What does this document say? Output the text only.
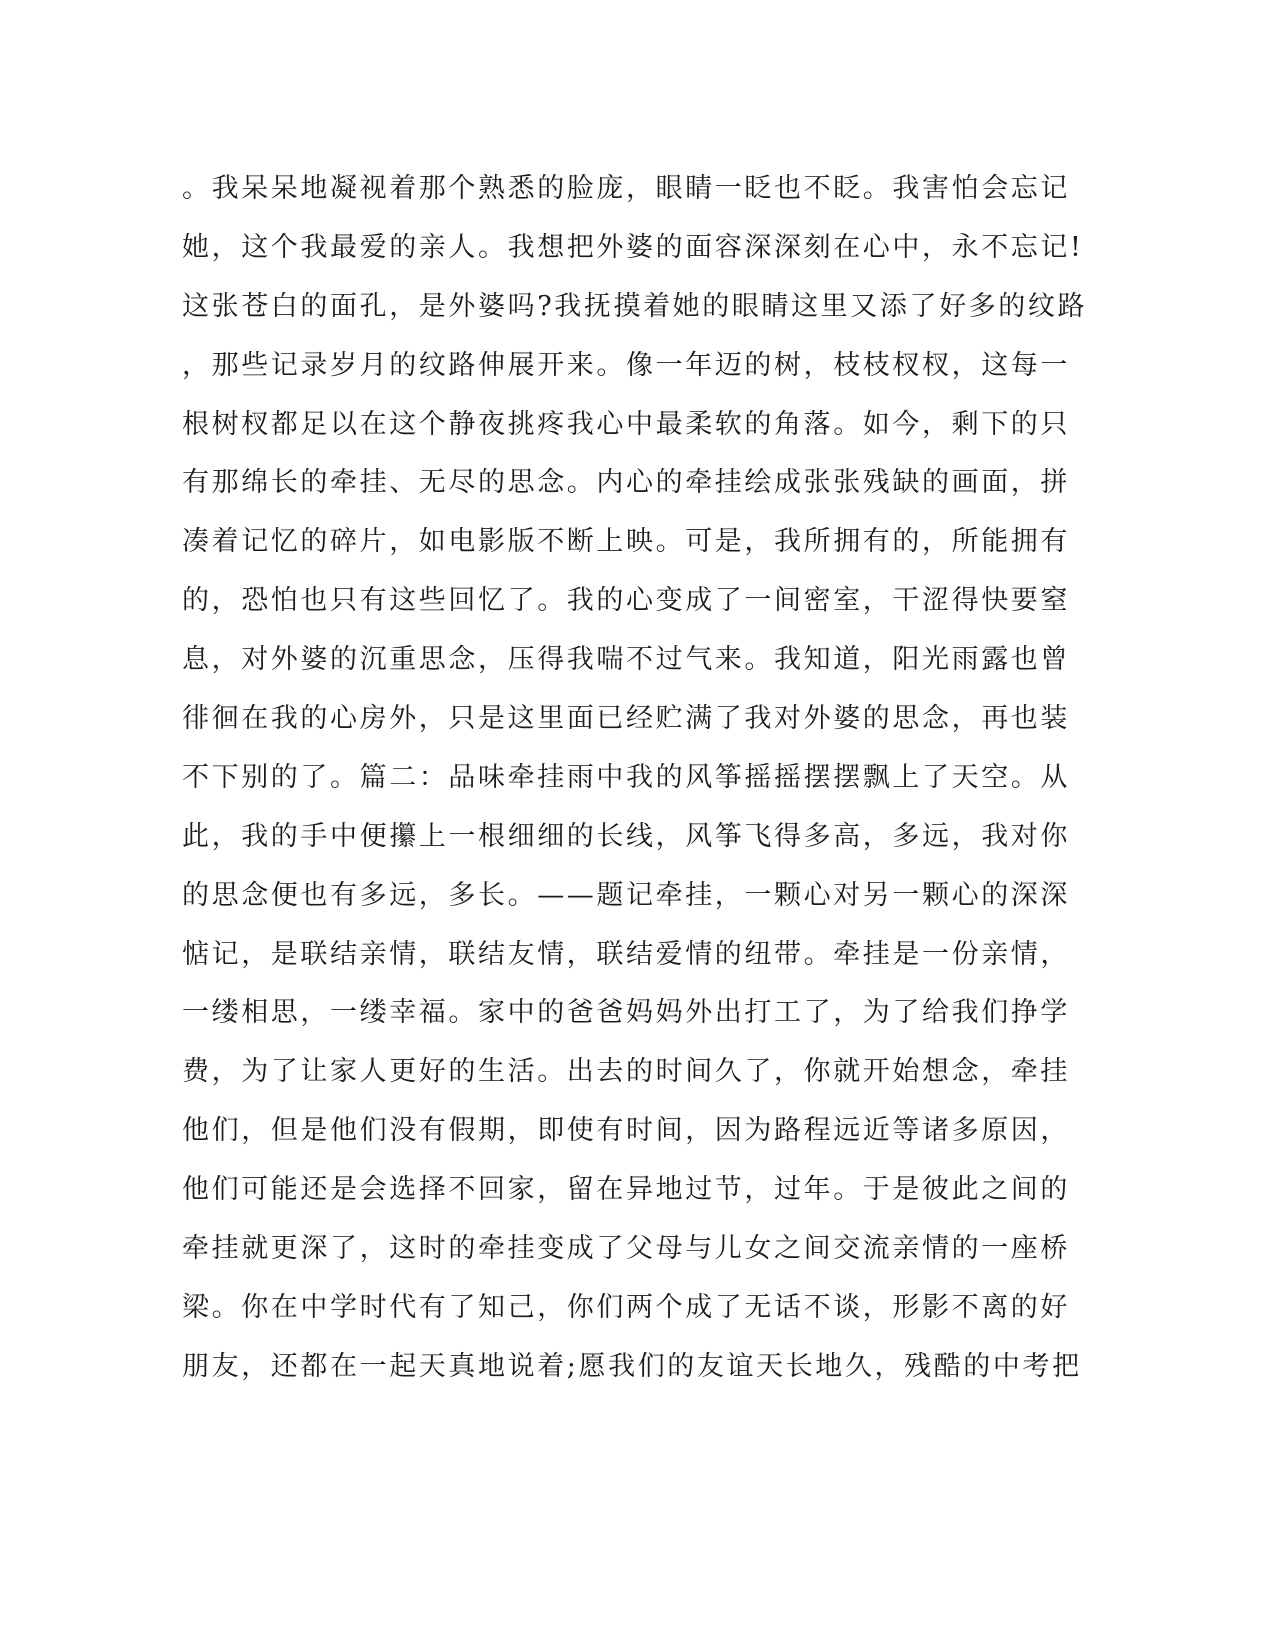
。我呆呆地凝视着那个熟悉的脸庞，眼睛一眨也不眨。我害怕会忘记
她，这个我最爱的亲人。我想把外婆的面容深深刻在心中，永不忘记!
这张苍白的面孔，是外婆吗?我抚摸着她的眼睛这里又添了好多的纹路
，那些记录岁月的纹路伸展开来。像一年迈的树，枝枝杈杈，这每一
根树杈都足以在这个静夜挑疼我心中最柔软的角落。如今，剩下的只
有那绵长的牵挂、无尽的思念。内心的牵挂绘成张张残缺的画面，拼
凑着记忆的碎片，如电影版不断上映。可是，我所拥有的，所能拥有
的，恐怕也只有这些回忆了。我的心变成了一间密室，干涩得快要窒
息，对外婆的沉重思念，压得我喘不过气来。我知道，阳光雨露也曾
徘徊在我的心房外，只是这里面已经贮满了我对外婆的思念，再也装
不下别的了。篇二：品味牵挂雨中我的风筝摇摇摆摆飘上了天空。从
此，我的手中便攥上一根细细的长线，风筝飞得多高，多远，我对你
的思念便也有多远，多长。——题记牵挂，一颗心对另一颗心的深深
惦记，是联结亲情，联结友情，联结爱情的纽带。牵挂是一份亲情，
一缕相思，一缕幸福。家中的爸爸妈妈外出打工了，为了给我们挣学
费，为了让家人更好的生活。出去的时间久了，你就开始想念，牵挂
他们，但是他们没有假期，即使有时间，因为路程远近等诸多原因，
他们可能还是会选择不回家，留在异地过节，过年。于是彼此之间的
牵挂就更深了，这时的牵挂变成了父母与儿女之间交流亲情的一座桥
梁。你在中学时代有了知己，你们两个成了无话不谈，形影不离的好
朋友，还都在一起天真地说着;愿我们的友谊天长地久，残酷的中考把
